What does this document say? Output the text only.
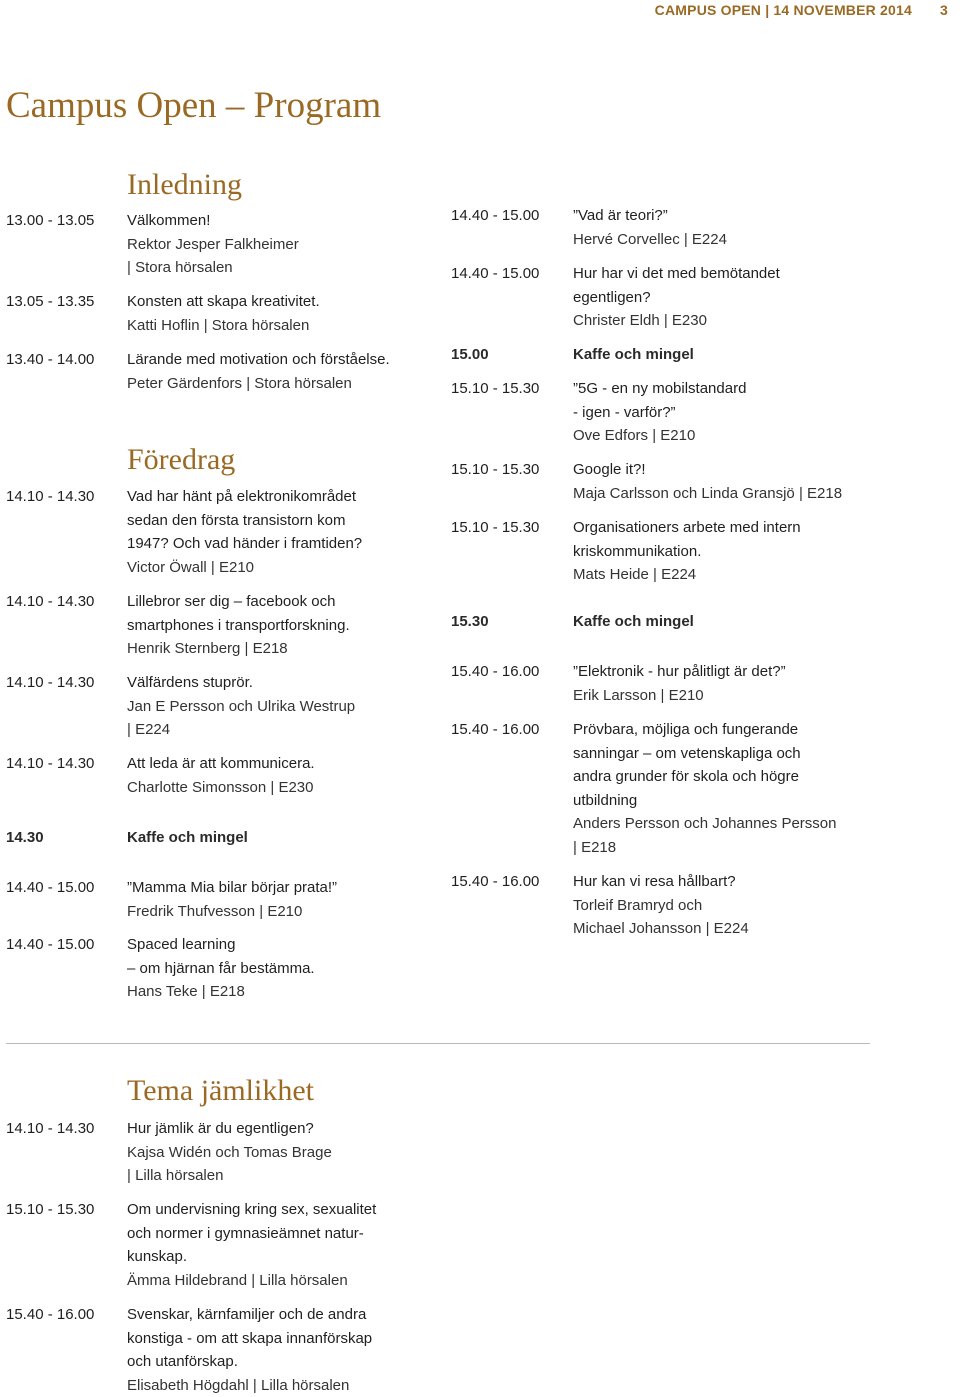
CAMPUS OPEN | 14 NOVEMBER 2014 3
Campus Open – Program
Inledning
Föredrag
Tema jämlikhet
13.00 - 13.05	Välkommen!
Rektor Jesper Falkheimer
| Stora hörsalen
13.05 - 13.35	Konsten att skapa kreativitet.
Katti Hoflin | Stora hörsalen
13.40 - 14.00	Lärande med motivation och förståelse.
Peter Gärdenfors | Stora hörsalen
14.10 - 14.30	Vad har hänt på elektronikområdet
sedan den första transistorn kom
1947? Och vad händer i framtiden?
Victor Öwall | E210
14.10 - 14.30	Lillebror ser dig – facebook och
smartphones i transportforskning.
Henrik Sternberg | E218
14.10 - 14.30	Välfärdens stuprör.
Jan E Persson och Ulrika Westrup
| E224
14.10 - 14.30	Att leda är att kommunicera.
Charlotte Simonsson | E230
14.30	Kaffe och mingel
14.40 - 15.00	”Mamma Mia bilar börjar prata!”
Fredrik Thufvesson | E210
14.40 - 15.00	Spaced learning
– om hjärnan får bestämma.
Hans Teke | E218
14.40 - 15.00	”Vad är teori?”
Hervé Corvellec | E224
14.40 - 15.00	Hur har vi det med bemötandet
egentligen?
Christer Eldh | E230
15.00	Kaffe och mingel
15.10 - 15.30	”5G - en ny mobilstandard
- igen - varför?”
Ove Edfors | E210
15.10 - 15.30	Google it?!
Maja Carlsson och Linda Gransjö | E218
15.10 - 15.30	Organisationers arbete med intern
kriskommunikation.
Mats Heide | E224
15.30	Kaffe och mingel
15.40 - 16.00	”Elektronik - hur pålitligt är det?”
Erik Larsson | E210
15.40 - 16.00	Prövbara, möjliga och fungerande
sanningar – om vetenskapliga och
andra grunder för skola och högre
utbildning
Anders Persson och Johannes Persson
| E218
15.40 - 16.00	Hur kan vi resa hållbart?
Torleif Bramryd och
Michael Johansson | E224
14.10 - 14.30	Hur jämlik är du egentligen?
Kajsa Widén och Tomas Brage
| Lilla hörsalen
15.10 - 15.30	Om undervisning kring sex, sexualitet
och normer i gymnasieämnet natur-
kunskap.
Ämma Hildebrand | Lilla hörsalen
15.40 - 16.00	Svenskar, kärnfamiljer och de andra
konstiga - om att skapa innanförskap
och utanförskap.
Elisabeth Högdahl | Lilla hörsalen
